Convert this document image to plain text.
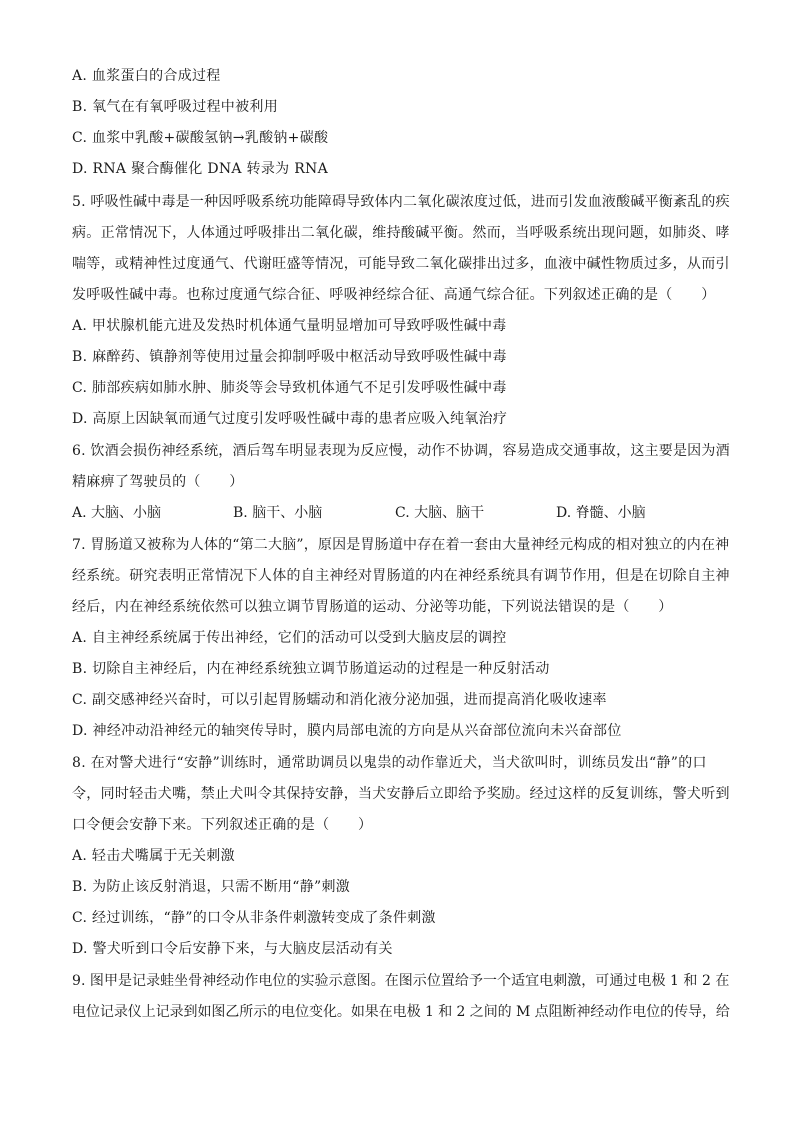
A. 血浆蛋白的合成过程
B. 氧气在有氧呼吸过程中被利用
C. 血浆中乳酸+碳酸氢钠→乳酸钠+碳酸
D. RNA 聚合酶催化 DNA 转录为 RNA
5. 呼吸性碱中毒是一种因呼吸系统功能障碍导致体内二氧化碳浓度过低，进而引发血液酸碱平衡紊乱的疾
病。正常情况下，人体通过呼吸排出二氧化碳，维持酸碱平衡。然而，当呼吸系统出现问题，如肺炎、哮
喘等，或精神性过度通气、代谢旺盛等情况，可能导致二氧化碳排出过多，血液中碱性物质过多，从而引
发呼吸性碱中毒。也称过度通气综合征、呼吸神经综合征、高通气综合征。下列叙述正确的是（　　）
A. 甲状腺机能亢进及发热时机体通气量明显增加可导致呼吸性碱中毒
B. 麻醉药、镇静剂等使用过量会抑制呼吸中枢活动导致呼吸性碱中毒
C. 肺部疾病如肺水肿、肺炎等会导致机体通气不足引发呼吸性碱中毒
D. 高原上因缺氧而通气过度引发呼吸性碱中毒的患者应吸入纯氧治疗
6. 饮酒会损伤神经系统，酒后驾车明显表现为反应慢，动作不协调，容易造成交通事故，这主要是因为酒
精麻痹了驾驶员的（　　）
A. 大脑、小脑	B. 脑干、小脑	C. 大脑、脑干	D. 脊髓、小脑
7. 胃肠道又被称为人体的“第二大脑”，原因是胃肠道中存在着一套由大量神经元构成的相对独立的内在神
经系统。研究表明正常情况下人体的自主神经对胃肠道的内在神经系统具有调节作用，但是在切除自主神
经后，内在神经系统依然可以独立调节胃肠道的运动、分泌等功能，下列说法错误的是（　　）
A. 自主神经系统属于传出神经，它们的活动可以受到大脑皮层的调控
B. 切除自主神经后，内在神经系统独立调节肠道运动的过程是一种反射活动
C. 副交感神经兴奋时，可以引起胃肠蠕动和消化液分泌加强，进而提高消化吸收速率
D. 神经冲动沿神经元的轴突传导时，膜内局部电流的方向是从兴奋部位流向未兴奋部位
8. 在对警犬进行“安静”训练时，通常助调员以鬼祟的动作靠近犬，当犬欲叫时，训练员发出“静”的口
令，同时轻击犬嘴，禁止犬叫令其保持安静，当犬安静后立即给予奖励。经过这样的反复训练，警犬听到
口令便会安静下来。下列叙述正确的是（　　）
A. 轻击犬嘴属于无关刺激
B. 为防止该反射消退，只需不断用“静”刺激
C. 经过训练，“静”的口令从非条件刺激转变成了条件刺激
D. 警犬听到口令后安静下来，与大脑皮层活动有关
9. 图甲是记录蛙坐骨神经动作电位的实验示意图。在图示位置给予一个适宜电刺激，可通过电极 1 和 2 在
电位记录仪上记录到如图乙所示的电位变化。如果在电极 1 和 2 之间的 M 点阻断神经动作电位的传导，给
